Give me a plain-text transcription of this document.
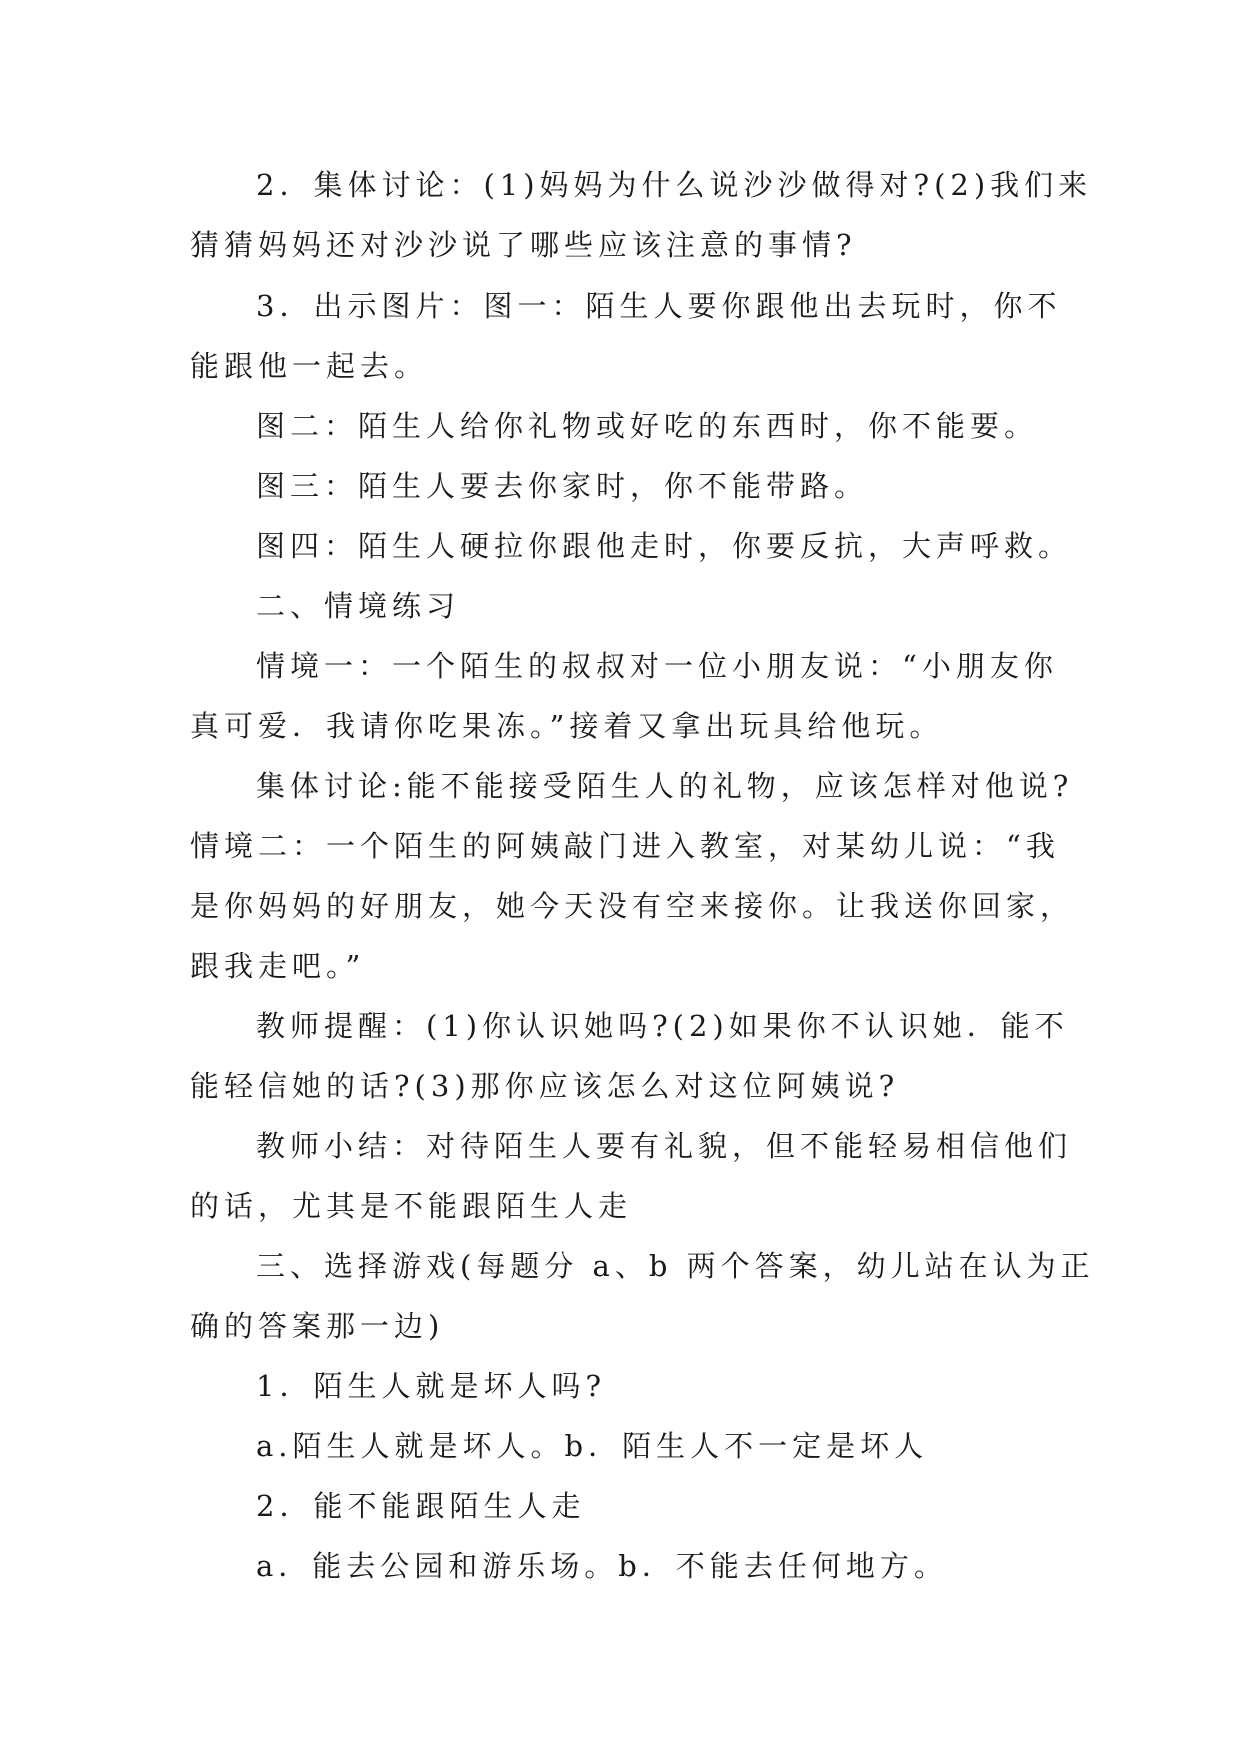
2．集体讨论：(1)妈妈为什么说沙沙做得对?(2)我们来

猜猜妈妈还对沙沙说了哪些应该注意的事情?

3．出示图片：图一：陌生人要你跟他出去玩时，你不

能跟他一起去。

图二：陌生人给你礼物或好吃的东西时，你不能要。

图三：陌生人要去你家时，你不能带路。

图四：陌生人硬拉你跟他走时，你要反抗，大声呼救。

二、情境练习

情境一：一个陌生的叔叔对一位小朋友说：“小朋友你

真可爱．我请你吃果冻。”接着又拿出玩具给他玩。

集体讨论:能不能接受陌生人的礼物，应该怎样对他说?

情境二：一个陌生的阿姨敲门进入教室，对某幼儿说：“我

是你妈妈的好朋友，她今天没有空来接你。让我送你回家，

跟我走吧。”

教师提醒：(1)你认识她吗?(2)如果你不认识她．能不

能轻信她的话?(3)那你应该怎么对这位阿姨说?

教师小结：对待陌生人要有礼貌，但不能轻易相信他们

的话，尤其是不能跟陌生人走

三、选择游戏(每题分 a、b 两个答案，幼儿站在认为正

确的答案那一边)

1．陌生人就是坏人吗?

a.陌生人就是坏人。b．陌生人不一定是坏人

2．能不能跟陌生人走

a．能去公园和游乐场。b．不能去任何地方。
